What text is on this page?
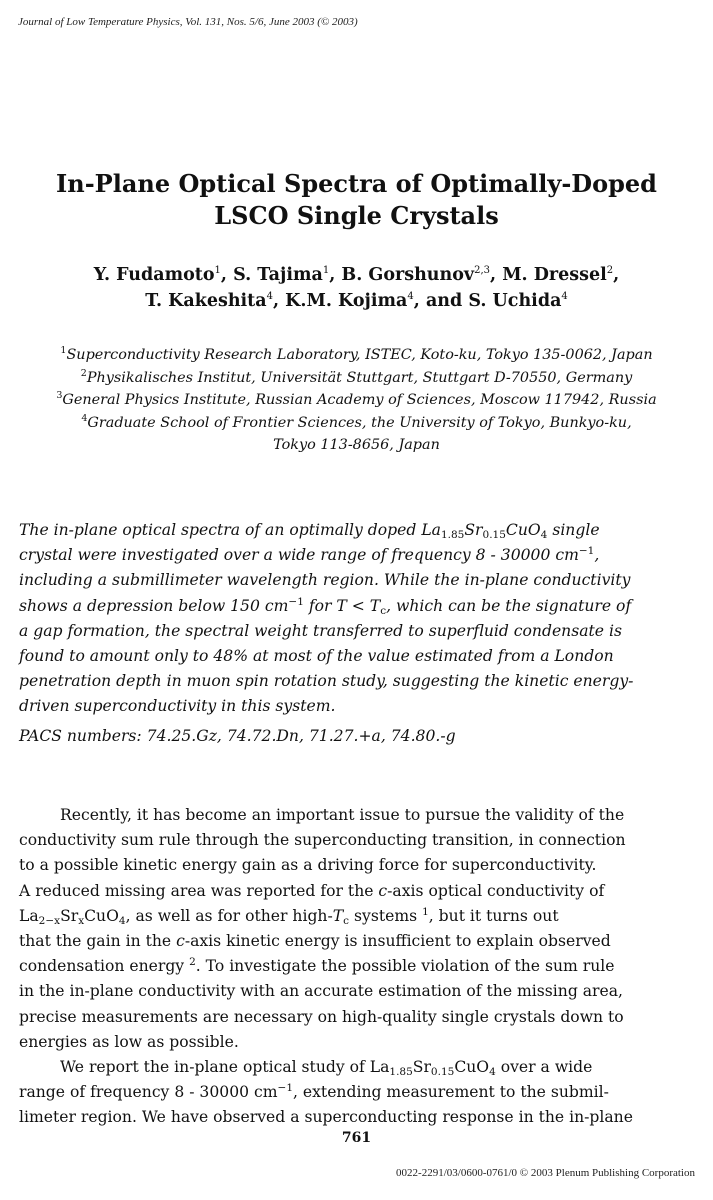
Journal of Low Temperature Physics, Vol. 131, Nos. 5/6, June 2003 (© 2003)
In-Plane Optical Spectra of Optimally-Doped
LSCO Single Crystals
Y. Fudamoto$^1$, S. Tajima$^1$, B. Gorshunov$^{2,3}$, M. Dressel$^2$,
T. Kakeshita$^4$, K.M. Kojima$^4$, and S. Uchida$^4$
$^1$Superconductivity Research Laboratory, ISTEC, Koto-ku, Tokyo 135-0062, Japan
$^2$Physikalisches Institut, Universität Stuttgart, Stuttgart D-70550, Germany
$^3$General Physics Institute, Russian Academy of Sciences, Moscow 117942, Russia
$^4$Graduate School of Frontier Sciences, the University of Tokyo, Bunkyo-ku,
Tokyo 113-8656, Japan
The in-plane optical spectra of an optimally doped $La_{1.85}Sr_{0.15}CuO_4$ single
crystal were investigated over a wide range of frequency 8 - 30000 $cm^{-1}$,
including a submillimeter wavelength region. While the in-plane conductivity
shows a depression below 150 $cm^{-1}$ for $T < T_c$, which can be the signature of
a gap formation, the spectral weight transferred to superfluid condensate is
found to amount only to 48% at most of the value estimated from a London
penetration depth in muon spin rotation study, suggesting the kinetic energy-
driven superconductivity in this system.
PACS numbers: 74.25.Gz, 74.72.Dn, 71.27.+a, 74.80.-g
Recently, it has become an important issue to pursue the validity of the
conductivity sum rule through the superconducting transition, in connection
to a possible kinetic energy gain as a driving force for superconductivity.
A reduced missing area was reported for the c-axis optical conductivity of
$La_{2-x}Sr_xCuO_4$, as well as for other high-$T_c$ systems $^1$, but it turns out
that the gain in the c-axis kinetic energy is insufficient to explain observed
condensation energy $^2$. To investigate the possible violation of the sum rule
in the in-plane conductivity with an accurate estimation of the missing area,
precise measurements are necessary on high-quality single crystals down to
energies as low as possible.
We report the in-plane optical study of $La_{1.85}Sr_{0.15}CuO_4$ over a wide
range of frequency 8 - 30000 $cm^{-1}$, extending measurement to the submil-
limeter region. We have observed a superconducting response in the in-plane
761
0022-2291/03/0600-0761/0 © 2003 Plenum Publishing Corporation
